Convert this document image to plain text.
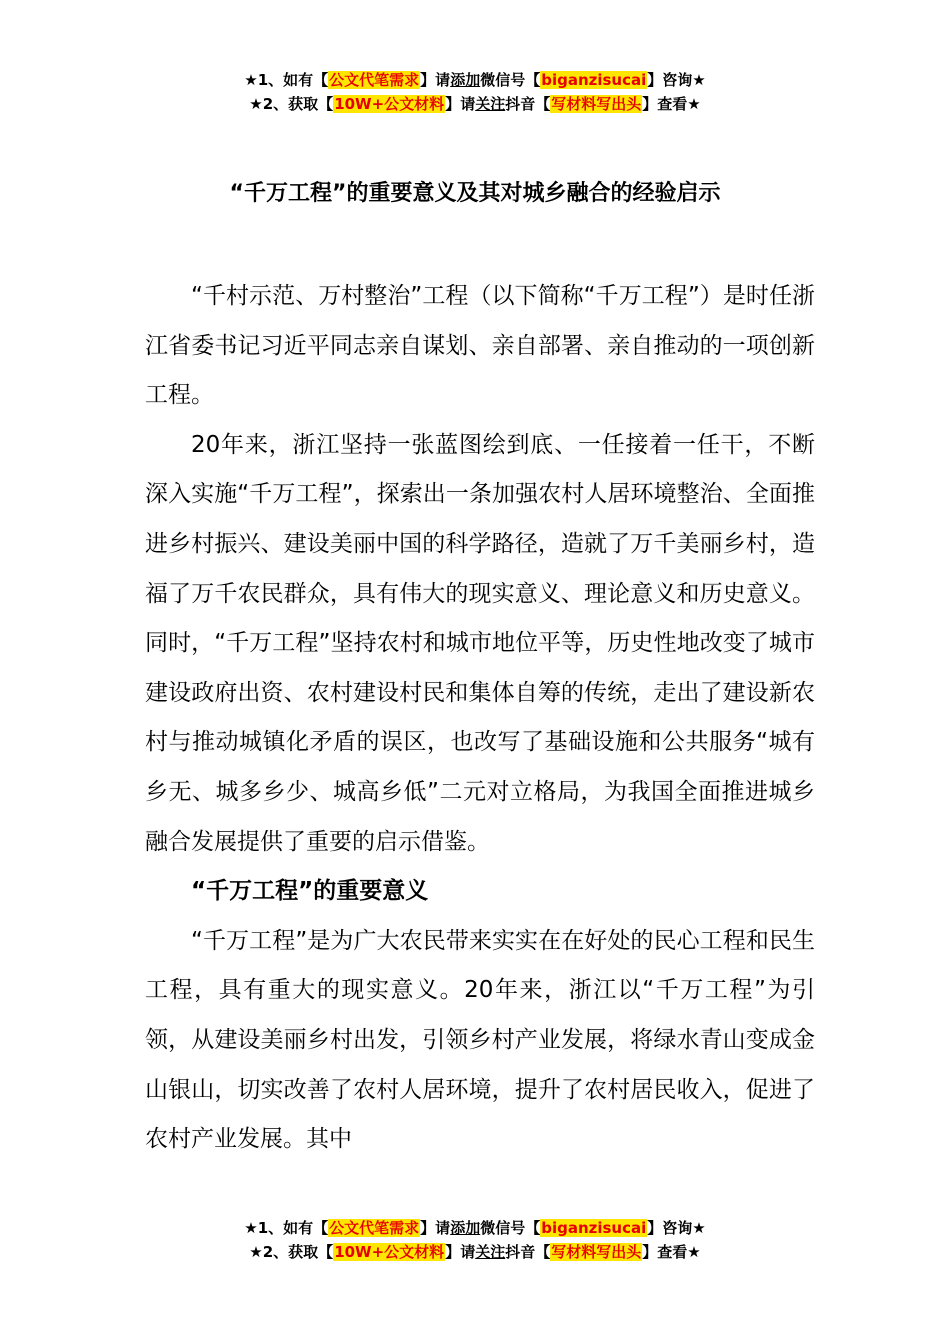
★1、如有【公文代笔需求】请添加微信号【biganzisucai】咨询★
★2、获取【10W+公文材料】请关注抖音【写材料写出头】查看★
“千万工程”的重要意义及其对城乡融合的经验启示

“千村示范、万村整治”工程（以下简称“千万工程”）是时任浙江省委书记习近平同志亲自谋划、亲自部署、亲自推动的一项创新工程。

20年来，浙江坚持一张蓝图绘到底、一任接着一任干，不断深入实施“千万工程”，探索出一条加强农村人居环境整治、全面推进乡村振兴、建设美丽中国的科学路径，造就了万千美丽乡村，造福了万千农民群众，具有伟大的现实意义、理论意义和历史意义。同时，“千万工程”坚持农村和城市地位平等，历史性地改变了城市建设政府出资、农村建设村民和集体自筹的传统，走出了建设新农村与推动城镇化矛盾的误区，也改写了基础设施和公共服务“城有乡无、城多乡少、城高乡低”二元对立格局，为我国全面推进城乡融合发展提供了重要的启示借鉴。

“千万工程”的重要意义

“千万工程”是为广大农民带来实实在在好处的民心工程和民生工程，具有重大的现实意义。20年来，浙江以“千万工程”为引领，从建设美丽乡村出发，引领乡村产业发展，将绿水青山变成金山银山，切实改善了农村人居环境，提升了农村居民收入，促进了农村产业发展。其中

★1、如有【公文代笔需求】请添加微信号【biganzisucai】咨询★
★2、获取【10W+公文材料】请关注抖音【写材料写出头】查看★
